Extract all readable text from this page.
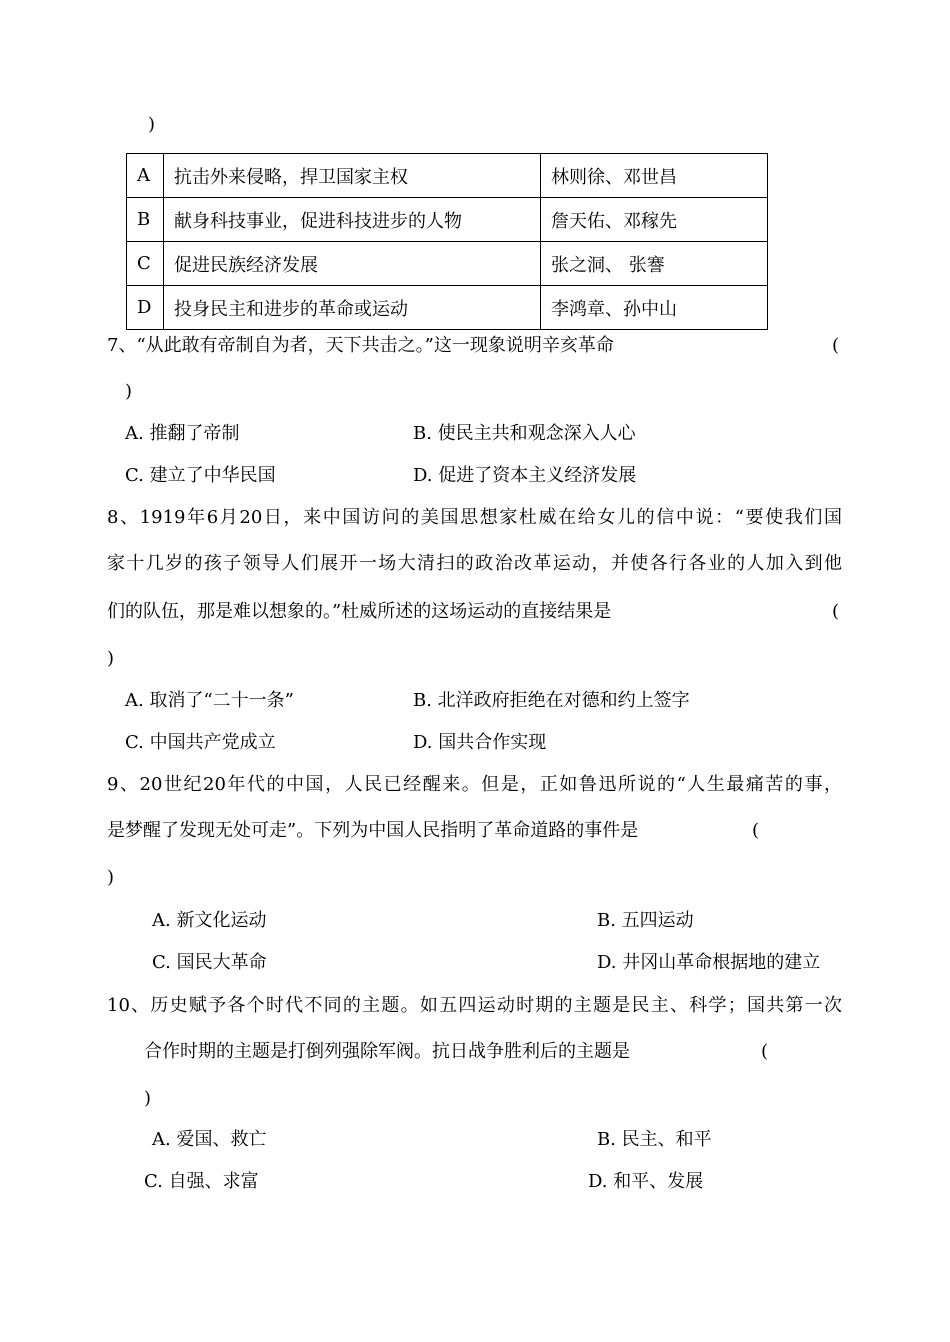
)
A	抗击外来侵略，捍卫国家主权	林则徐、邓世昌
B	献身科技事业，促进科技进步的人物	詹天佑、邓稼先
C	促进民族经济发展	张之洞、 张謇
D	投身民主和进步的革命或运动	李鸿章、孙中山
7、“从此敢有帝制自为者，天下共击之。”这一现象说明辛亥革命	(
)
A. 推翻了帝制	B. 使民主共和观念深入人心
C. 建立了中华民国	D. 促进了资本主义经济发展
8、1919年6月20日，来中国访问的美国思想家杜威在给女儿的信中说：“要使我们国
家十几岁的孩子领导人们展开一场大清扫的政治改革运动，并使各行各业的人加入到他
们的队伍，那是难以想象的。”杜威所述的这场运动的直接结果是	(
)
A. 取消了“二十一条”	B. 北洋政府拒绝在对德和约上签字
C. 中国共产党成立	D. 国共合作实现
9、20世纪20年代的中国，人民已经醒来。但是，正如鲁迅所说的“人生最痛苦的事，
是梦醒了发现无处可走”。下列为中国人民指明了革命道路的事件是	(
)
A. 新文化运动	B. 五四运动
C. 国民大革命	D. 井冈山革命根据地的建立
10、历史赋予各个时代不同的主题。如五四运动时期的主题是民主、科学；国共第一次
合作时期的主题是打倒列强除军阀。抗日战争胜利后的主题是	(
)
A. 爱国、救亡	B. 民主、和平
C. 自强、求富	D. 和平、发展
